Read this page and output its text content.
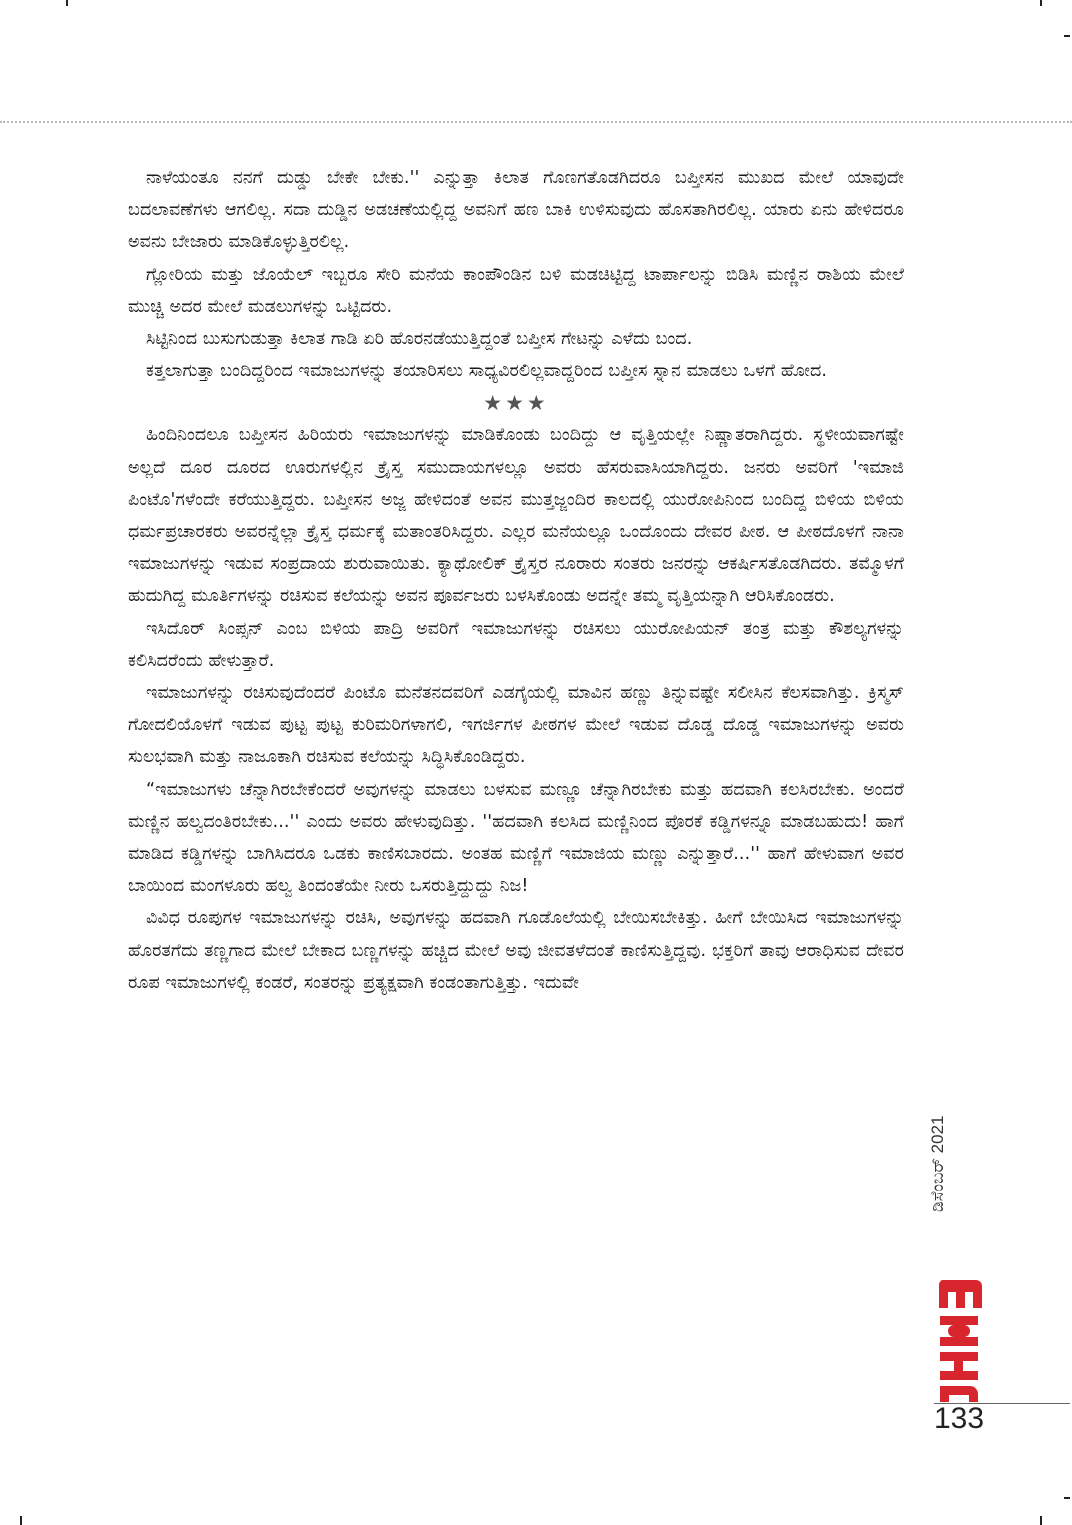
ನಾಳೆಯಂತೂ ನನಗೆ ದುಡ್ಡು ಬೇಕೇ ಬೇಕು.'' ಎನ್ನುತ್ತಾ ಕಿಲಾತ ಗೊಣಗತೊಡಗಿದರೂ ಬಪ್ತೀಸನ ಮುಖದ ಮೇಲೆ ಯಾವುದೇ ಬದಲಾವಣೆಗಳು ಆಗಲಿಲ್ಲ. ಸದಾ ದುಡ್ಡಿನ ಅಡಚಣೆಯಲ್ಲಿದ್ದ ಅವನಿಗೆ ಹಣ ಬಾಕಿ ಉಳಿಸುವುದು ಹೊಸತಾಗಿರಲಿಲ್ಲ. ಯಾರು ಏನು ಹೇಳಿದರೂ ಅವನು ಬೇಜಾರು ಮಾಡಿಕೊಳ್ಳುತ್ತಿರಲಿಲ್ಲ.

ಗ್ಲೋರಿಯ ಮತ್ತು ಜೊಯೆಲ್ ಇಬ್ಬರೂ ಸೇರಿ ಮನೆಯ ಕಾಂಪೌಂಡಿನ ಬಳಿ ಮಡಚಿಟ್ಟಿದ್ದ ಟಾರ್ಪಾಲನ್ನು ಬಿಡಿಸಿ ಮಣ್ಣಿನ ರಾಶಿಯ ಮೇಲೆ ಮುಚ್ಚಿ ಅದರ ಮೇಲೆ ಮಡಲುಗಳನ್ನು ಒಟ್ಟಿದರು.

ಸಿಟ್ಟಿನಿಂದ ಬುಸುಗುಡುತ್ತಾ ಕಿಲಾತ ಗಾಡಿ ಏರಿ ಹೊರನಡೆಯುತ್ತಿದ್ದಂತೆ ಬಪ್ತೀಸ ಗೇಟನ್ನು ಎಳೆದು ಬಂದ.

ಕತ್ತಲಾಗುತ್ತಾ ಬಂದಿದ್ದರಿಂದ ಇಮಾಜುಗಳನ್ನು ತಯಾರಿಸಲು ಸಾಧ್ಯವಿರಲಿಲ್ಲವಾದ್ದರಿಂದ ಬಪ್ತೀಸ ಸ್ನಾನ ಮಾಡಲು ಒಳಗೆ ಹೋದ.

★★★

ಹಿಂದಿನಿಂದಲೂ ಬಪ್ತೀಸನ ಹಿರಿಯರು ಇಮಾಜುಗಳನ್ನು ಮಾಡಿಕೊಂಡು ಬಂದಿದ್ದು ಆ ವೃತ್ತಿಯಲ್ಲೇ ನಿಷ್ಣಾತರಾಗಿದ್ದರು. ಸ್ಥಳೀಯವಾಗಷ್ಟೇ ಅಲ್ಲದೆ ದೂರ ದೂರದ ಊರುಗಳಲ್ಲಿನ ಕ್ರೈಸ್ತ ಸಮುದಾಯಗಳಲ್ಲೂ ಅವರು ಹೆಸರುವಾಸಿಯಾಗಿದ್ದರು. ಜನರು ಅವರಿಗೆ 'ಇಮಾಜಿ ಪಿಂಟೊ'ಗಳೆಂದೇ ಕರೆಯುತ್ತಿದ್ದರು. ಬಪ್ತೀಸನ ಅಜ್ಜ ಹೇಳಿದಂತೆ ಅವನ ಮುತ್ತಜ್ಜಂದಿರ ಕಾಲದಲ್ಲಿ ಯುರೋಪಿನಿಂದ ಬಂದಿದ್ದ ಬಿಳಿಯ ಬಿಳಿಯ ಧರ್ಮಪ್ರಚಾರಕರು ಅವರನ್ನೆಲ್ಲಾ ಕ್ರೈಸ್ತ ಧರ್ಮಕ್ಕೆ ಮತಾಂತರಿಸಿದ್ದರು. ಎಲ್ಲರ ಮನೆಯಲ್ಲೂ ಒಂದೊಂದು ದೇವರ ಪೀಠ. ಆ ಪೀಠದೊಳಗೆ ನಾನಾ ಇಮಾಜುಗಳನ್ನು ಇಡುವ ಸಂಪ್ರದಾಯ ಶುರುವಾಯಿತು. ಕ್ಯಾಥೋಲಿಕ್ ಕ್ರೈಸ್ತರ ನೂರಾರು ಸಂತರು ಜನರನ್ನು ಆಕರ್ಷಿಸತೊಡಗಿದರು. ತಮ್ಮೊಳಗೆ ಹುದುಗಿದ್ದ ಮೂರ್ತಿಗಳನ್ನು ರಚಿಸುವ ಕಲೆಯನ್ನು ಅವನ ಪೂರ್ವಜರು ಬಳಸಿಕೊಂಡು ಅದನ್ನೇ ತಮ್ಮ ವೃತ್ತಿಯನ್ನಾಗಿ ಆರಿಸಿಕೊಂಡರು.

ಇಸಿದೊರ್ ಸಿಂಪ್ಸನ್ ಎಂಬ ಬಿಳಿಯ ಪಾದ್ರಿ ಅವರಿಗೆ ಇಮಾಜುಗಳನ್ನು ರಚಿಸಲು ಯುರೋಪಿಯನ್ ತಂತ್ರ ಮತ್ತು ಕೌಶಲ್ಯಗಳನ್ನು ಕಲಿಸಿದರೆಂದು ಹೇಳುತ್ತಾರೆ.

ಇಮಾಜುಗಳನ್ನು ರಚಿಸುವುದೆಂದರೆ ಪಿಂಟೊ ಮನೆತನದವರಿಗೆ ಎಡಗೈಯಲ್ಲಿ ಮಾವಿನ ಹಣ್ಣು ತಿನ್ನುವಷ್ಟೇ ಸಲೀಸಿನ ಕೆಲಸವಾಗಿತ್ತು. ಕ್ರಿಸ್ಮಸ್ ಗೋದಲಿಯೊಳಗೆ ಇಡುವ ಪುಟ್ಟ ಪುಟ್ಟ ಕುರಿಮರಿಗಳಾಗಲಿ, ಇಗರ್ಜಿಗಳ ಪೀಠಗಳ ಮೇಲೆ ಇಡುವ ದೊಡ್ಡ ದೊಡ್ಡ ಇಮಾಜುಗಳನ್ನು ಅವರು ಸುಲಭವಾಗಿ ಮತ್ತು ನಾಜೂಕಾಗಿ ರಚಿಸುವ ಕಲೆಯನ್ನು ಸಿದ್ಧಿಸಿಕೊಂಡಿದ್ದರು.

“ಇಮಾಜುಗಳು ಚೆನ್ನಾಗಿರಬೇಕೆಂದರೆ ಅವುಗಳನ್ನು ಮಾಡಲು ಬಳಸುವ ಮಣ್ಣೂ ಚೆನ್ನಾಗಿರಬೇಕು ಮತ್ತು ಹದವಾಗಿ ಕಲಸಿರಬೇಕು. ಅಂದರೆ ಮಣ್ಣಿನ ಹಲ್ವದಂತಿರಬೇಕು...'' ಎಂದು ಅವರು ಹೇಳುವುದಿತ್ತು. ''ಹದವಾಗಿ ಕಲಸಿದ ಮಣ್ಣಿನಿಂದ ಪೊರಕೆ ಕಡ್ಡಿಗಳನ್ನೂ ಮಾಡಬಹುದು! ಹಾಗೆ ಮಾಡಿದ ಕಡ್ಡಿಗಳನ್ನು ಬಾಗಿಸಿದರೂ ಒಡಕು ಕಾಣಿಸಬಾರದು. ಅಂತಹ ಮಣ್ಣಿಗೆ ಇಮಾಜಿಯ ಮಣ್ಣು ಎನ್ನುತ್ತಾರೆ...'' ಹಾಗೆ ಹೇಳುವಾಗ ಅವರ ಬಾಯಿಂದ ಮಂಗಳೂರು ಹಲ್ವ ತಿಂದಂತೆಯೇ ನೀರು ಒಸರುತ್ತಿದ್ದುದ್ದು ನಿಜ!

ವಿವಿಧ ರೂಪುಗಳ ಇಮಾಜುಗಳನ್ನು ರಚಿಸಿ, ಅವುಗಳನ್ನು ಹದವಾಗಿ ಗೂಡೊಲೆಯಲ್ಲಿ ಬೇಯಿಸಬೇಕಿತ್ತು. ಹೀಗೆ ಬೇಯಿಸಿದ ಇಮಾಜುಗಳನ್ನು ಹೊರತಗೆದು ತಣ್ಣಗಾದ ಮೇಲೆ ಬೇಕಾದ ಬಣ್ಣಗಳನ್ನು ಹಚ್ಚಿದ ಮೇಲೆ ಅವು ಜೀವತಳೆದಂತೆ ಕಾಣಿಸುತ್ತಿದ್ದವು. ಭಕ್ತರಿಗೆ ತಾವು ಆರಾಧಿಸುವ ದೇವರ ರೂಪ ಇಮಾಜುಗಳಲ್ಲಿ ಕಂಡರೆ, ಸಂತರನ್ನು ಪ್ರತ್ಯಕ್ಷವಾಗಿ ಕಂಡಂತಾಗುತ್ತಿತ್ತು. ಇದುವೇ

ಡಿಸೆಂಬರ್ 2021
133
